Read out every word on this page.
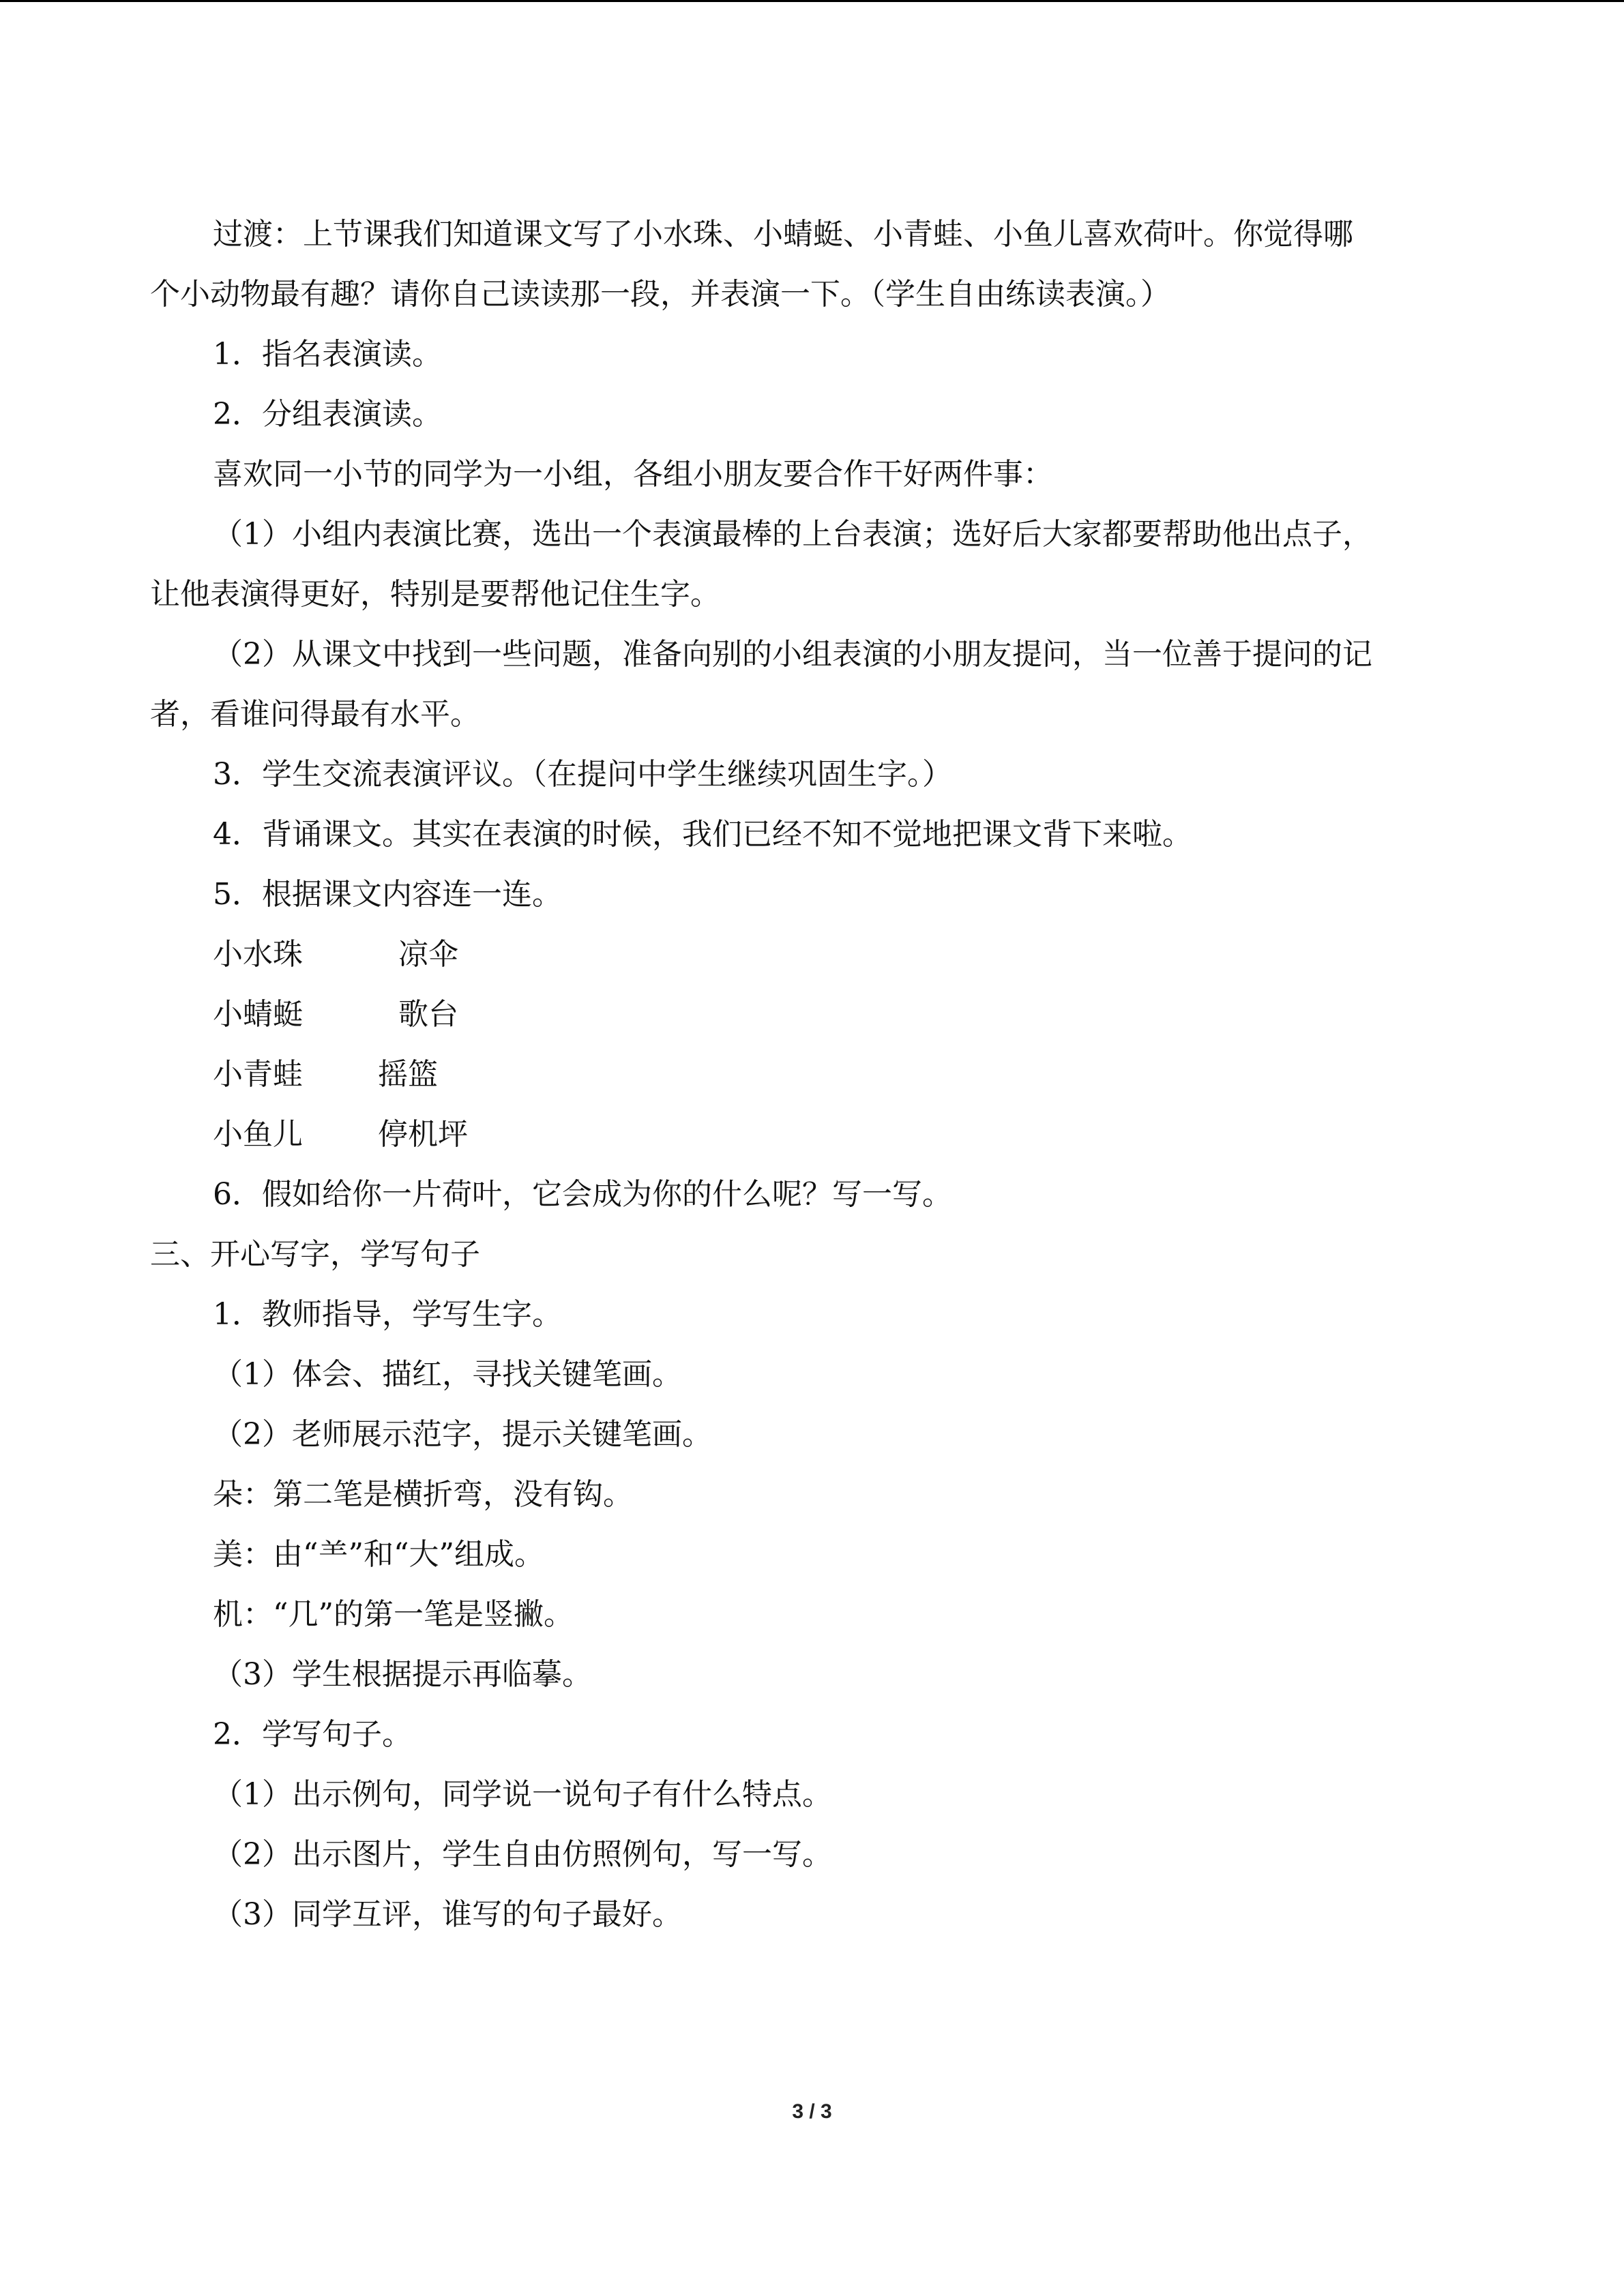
过渡：上节课我们知道课文写了小水珠、小蜻蜓、小青蛙、小鱼儿喜欢荷叶。你觉得哪
个小动物最有趣？请你自己读读那一段，并表演一下。（学生自由练读表演。）
1．指名表演读。
2．分组表演读。
喜欢同一小节的同学为一小组，各组小朋友要合作干好两件事：
（1）小组内表演比赛，选出一个表演最棒的上台表演；选好后大家都要帮助他出点子，
让他表演得更好，特别是要帮他记住生字。
（2）从课文中找到一些问题，准备向别的小组表演的小朋友提问，当一位善于提问的记
者，看谁问得最有水平。
3．学生交流表演评议。（在提问中学生继续巩固生字。）
4．背诵课文。其实在表演的时候，我们已经不知不觉地把课文背下来啦。
5．根据课文内容连一连。
小水珠	凉伞
小蜻蜓	歌台
小青蛙	摇篮
小鱼儿	停机坪
6．假如给你一片荷叶，它会成为你的什么呢？写一写。
三、开心写字，学写句子
1．教师指导，学写生字。
（1）体会、描红，寻找关键笔画。
（2）老师展示范字，提示关键笔画。
朵：第二笔是横折弯，没有钩。
美：由“⺷”和“大”组成。
机：“几”的第一笔是竖撇。
（3）学生根据提示再临摹。
2．学写句子。
（1）出示例句，同学说一说句子有什么特点。
（2）出示图片，学生自由仿照例句，写一写。
（3）同学互评，谁写的句子最好。
3 / 3
